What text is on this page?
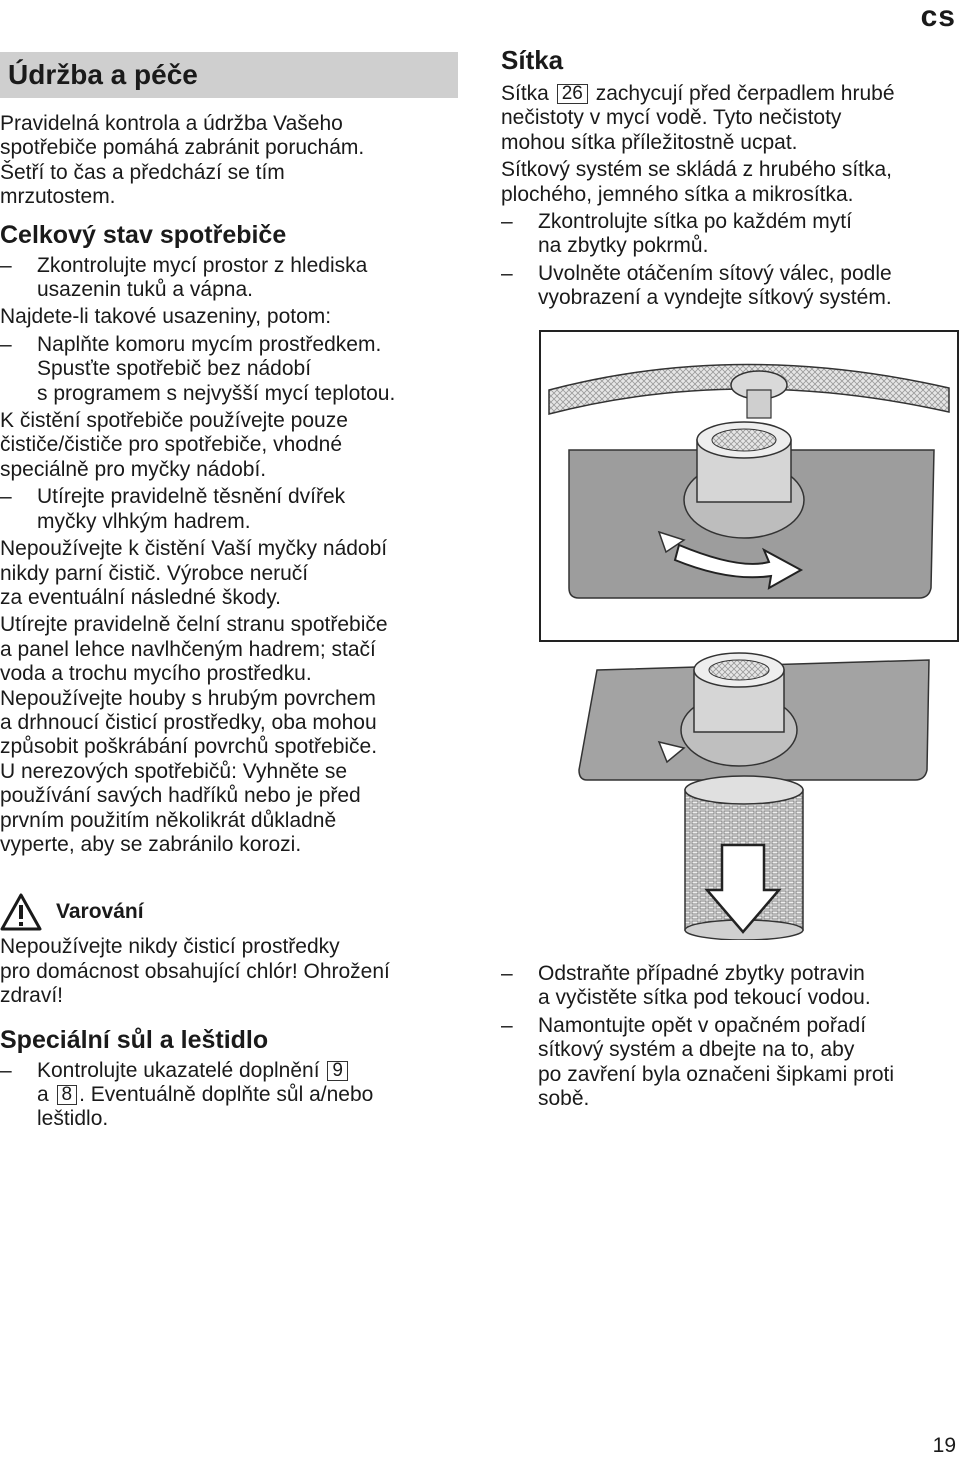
cs
Údržba a péče

Pravidelná kontrola a údržba Vašeho
spotřebiče pomáhá zabránit poruchám.
Šetří to čas a předchází se tím
mrzutostem.

Celkový stav spotřebiče
–	Zkontrolujte mycí prostor z hlediska
usazenin tuků a vápna.

Najdete-li takové usazeniny, potom:

–	Naplňte komoru mycím prostředkem.
Spusťte spotřebič bez nádobí
s programem s nejvyšší mycí teplotou.

K čistění spotřebiče používejte pouze
čističe/čističe pro spotřebiče, vhodné
speciálně pro myčky nádobí.

–	Utírejte pravidelně těsnění dvířek
myčky vlhkým hadrem.

Nepoužívejte k čistění Vaší myčky nádobí
nikdy parní čistič. Výrobce neručí
za eventuální následné škody.

Utírejte pravidelně čelní stranu spotřebiče
a panel lehce navlhčeným hadrem; stačí
voda a trochu mycího prostředku.
Nepoužívejte houby s hrubým povrchem
a drhnoucí čisticí prostředky, oba mohou
způsobit poškrábání povrchů spotřebiče.
U nerezových spotřebičů: Vyhněte se
používání savých hadříků nebo je před
prvním použitím několikrát důkladně
vyperte, aby se zabránilo korozi.

Varování

Nepoužívejte nikdy čisticí prostředky
pro domácnost obsahující chlór! Ohrožení
zdraví!

Speciální sůl a leštidlo
–	Kontrolujte ukazatelé doplnění 9
a 8 . Eventuálně doplňte sůl a/nebo
leštidlo.
Sítka

Sítka 26 zachycují před čerpadlem hrubé
nečistoty v mycí vodě. Tyto nečistoty
mohou sítka příležitostně ucpat.

Sítkový systém se skládá z hrubého sítka,
plochého, jemného sítka a mikrosítka.

–	Zkontrolujte sítka po každém mytí
na zbytky pokrmů.
–	Uvolněte otáčením sítový válec, podle
vyobrazení a vyndejte sítkový systém.
–	Odstraňte případné zbytky potravin
a vyčistěte sítka pod tekoucí vodou.
–	Namontujte opět v opačném pořadí
sítkový systém a dbejte na to, aby
po zavření byla označeni šipkami proti
sobě.
19
